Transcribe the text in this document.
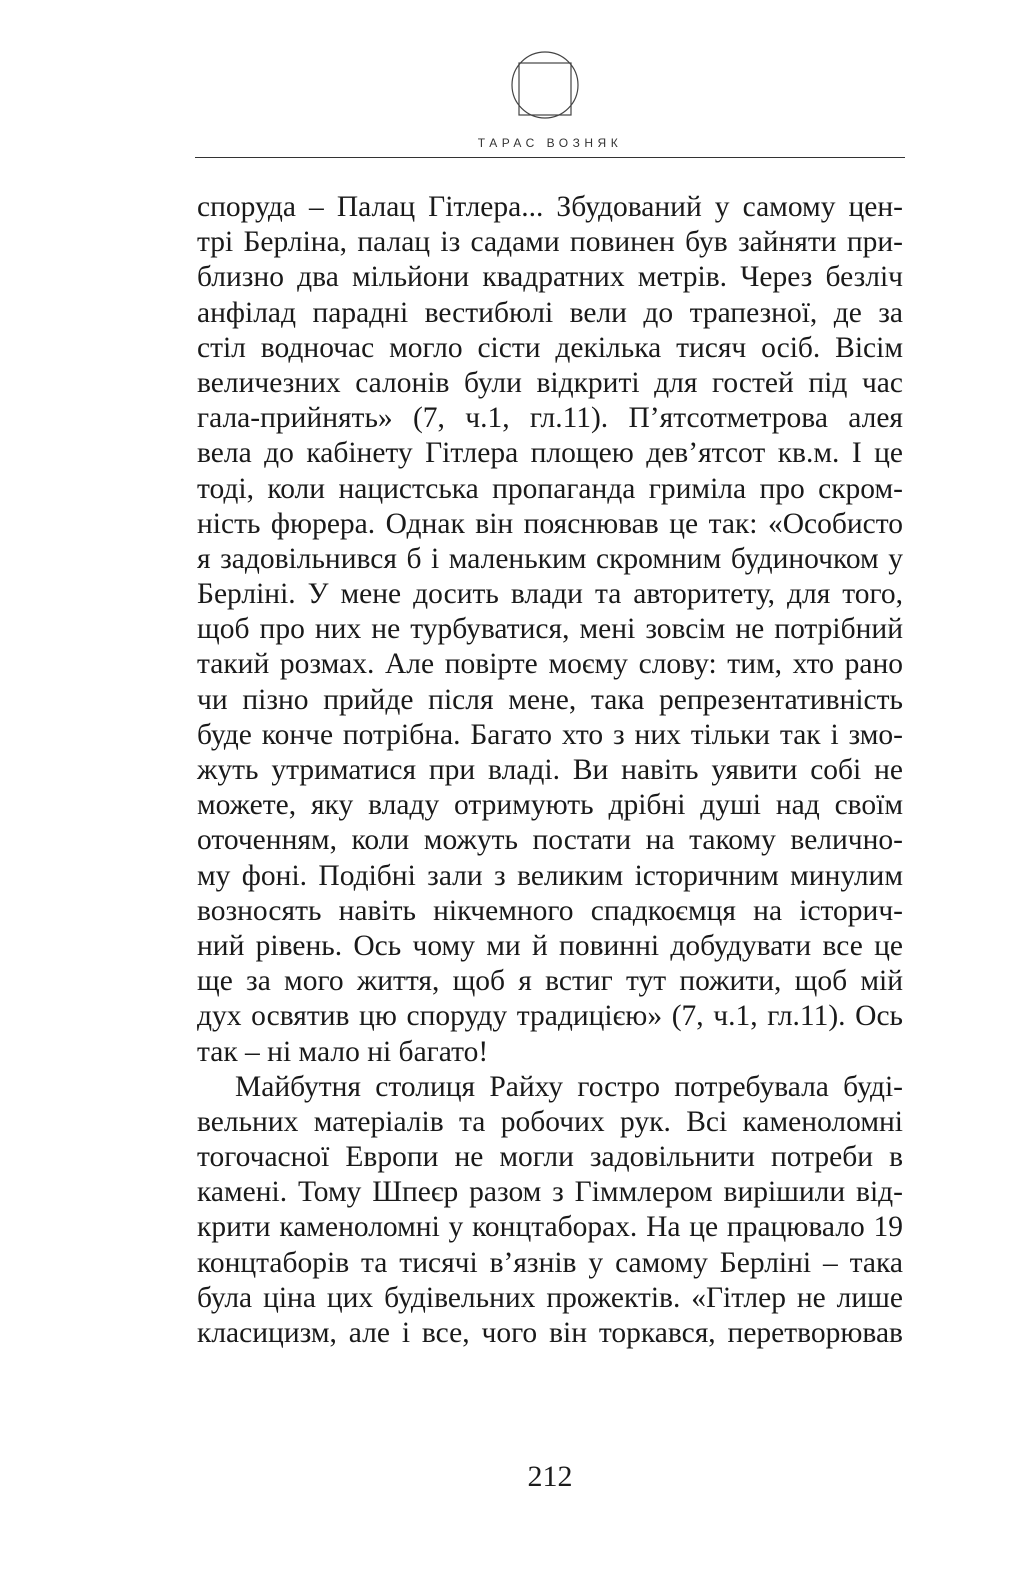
ТАРАС ВОЗНЯК
споруда – Палац Гітлера... Збудований у самому цен-
трі Берліна, палац із садами повинен був зайняти при-
близно два мільйони квадратних метрів. Через безліч
анфілад парадні вестибюлі вели до трапезної, де за
стіл водночас могло сісти декілька тисяч осіб. Вісім
величезних салонів були відкриті для гостей під час
гала-прийнять» (7, ч.1, гл.11). П’ятсотметрова алея
вела до кабінету Гітлера площею дев’ятсот кв.м. І це
тоді, коли нацистська пропаганда гриміла про скром-
ність фюрера. Однак він пояснював це так: «Особисто
я задовільнився б і маленьким скромним будиночком у
Берліні. У мене досить влади та авторитету, для того,
щоб про них не турбуватися, мені зовсім не потрібний
такий розмах. Але повірте моєму слову: тим, хто рано
чи пізно прийде після мене, така репрезентативність
буде конче потрібна. Багато хто з них тільки так і змо-
жуть утриматися при владі. Ви навіть уявити собі не
можете, яку владу отримують дрібні душі над своїм
оточенням, коли можуть постати на такому велично-
му фоні. Подібні зали з великим історичним минулим
возносять навіть нікчемного спадкоємця на історич-
ний рівень. Ось чому ми й повинні добудувати все це
ще за мого життя, щоб я встиг тут пожити, щоб мій
дух освятив цю споруду традицією» (7, ч.1, гл.11). Ось
так – ні мало ні багато!
Майбутня столиця Райху гостро потребувала буді-
вельних матеріалів та робочих рук. Всі каменоломні
тогочасної Европи не могли задовільнити потреби в
камені. Тому Шпеєр разом з Гіммлером вирішили від-
крити каменоломні у концтаборах. На це працювало 19
концтаборів та тисячі в’язнів у самому Берліні – така
була ціна цих будівельних прожектів. «Гітлер не лише
класицизм, але і все, чого він торкався, перетворював
212
